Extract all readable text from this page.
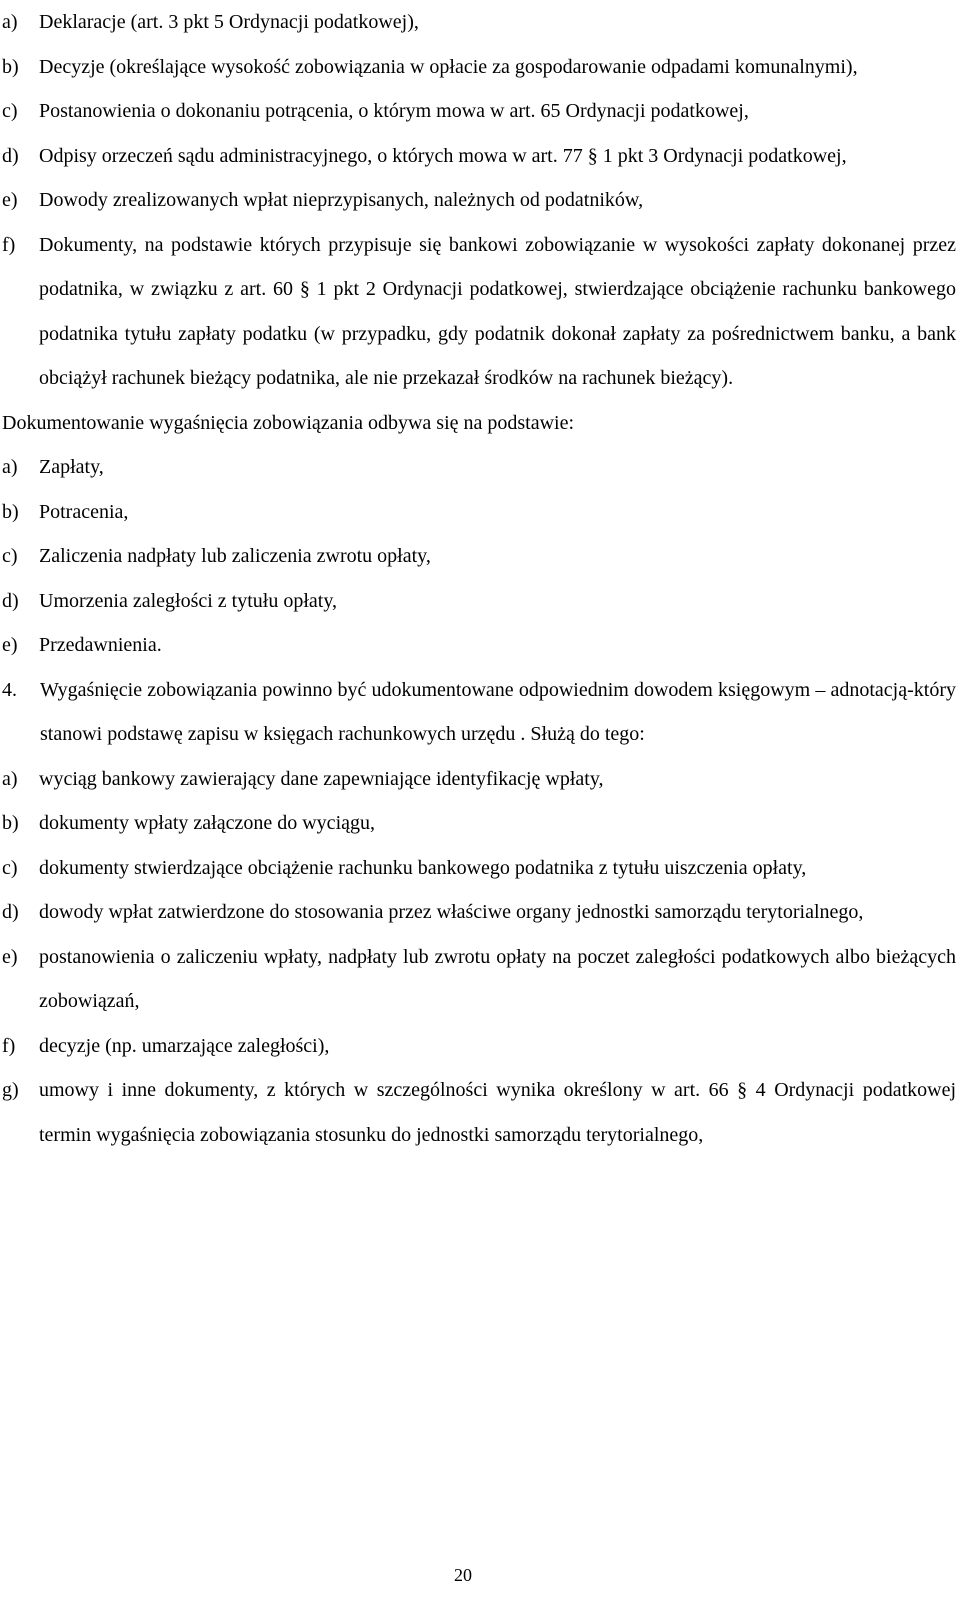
a)	Deklaracje (art. 3 pkt 5 Ordynacji podatkowej),
b)	Decyzje (określające wysokość zobowiązania w opłacie za gospodarowanie odpadami komunalnymi),
c)	Postanowienia o dokonaniu potrącenia, o którym mowa w art. 65 Ordynacji podatkowej,
d)	Odpisy orzeczeń sądu administracyjnego, o których mowa w art. 77 § 1 pkt 3 Ordynacji podatkowej,
e)	Dowody zrealizowanych wpłat nieprzypisanych, należnych od podatników,
f)	Dokumenty, na podstawie których przypisuje się bankowi zobowiązanie w wysokości zapłaty dokonanej przez podatnika, w związku z art. 60 § 1 pkt 2 Ordynacji podatkowej, stwierdzające obciążenie rachunku bankowego podatnika tytułu zapłaty podatku (w przypadku, gdy podatnik dokonał zapłaty za pośrednictwem banku, a bank obciążył rachunek bieżący podatnika, ale nie przekazał środków na rachunek bieżący).
Dokumentowanie wygaśnięcia zobowiązania odbywa się na podstawie:
a)	Zapłaty,
b)	Potracenia,
c)	Zaliczenia nadpłaty lub zaliczenia zwrotu opłaty,
d)	Umorzenia zaległości z tytułu opłaty,
e)	Przedawnienia.
4.	Wygaśnięcie zobowiązania powinno być udokumentowane odpowiednim dowodem księgowym – adnotacją-który stanowi podstawę zapisu w księgach rachunkowych urzędu . Służą do tego:
a)	wyciąg bankowy zawierający dane zapewniające identyfikację wpłaty,
b)	dokumenty wpłaty załączone do wyciągu,
c)	dokumenty stwierdzające obciążenie rachunku bankowego podatnika z tytułu uiszczenia opłaty,
d)	dowody wpłat zatwierdzone do stosowania przez właściwe organy jednostki samorządu terytorialnego,
e)	postanowienia o zaliczeniu wpłaty, nadpłaty lub zwrotu opłaty na poczet zaległości podatkowych albo bieżących zobowiązań,
f)	decyzje (np. umarzające zaległości),
g)	umowy i inne dokumenty, z których w szczególności wynika określony w art. 66 § 4 Ordynacji podatkowej termin wygaśnięcia zobowiązania stosunku do jednostki samorządu terytorialnego,
20
